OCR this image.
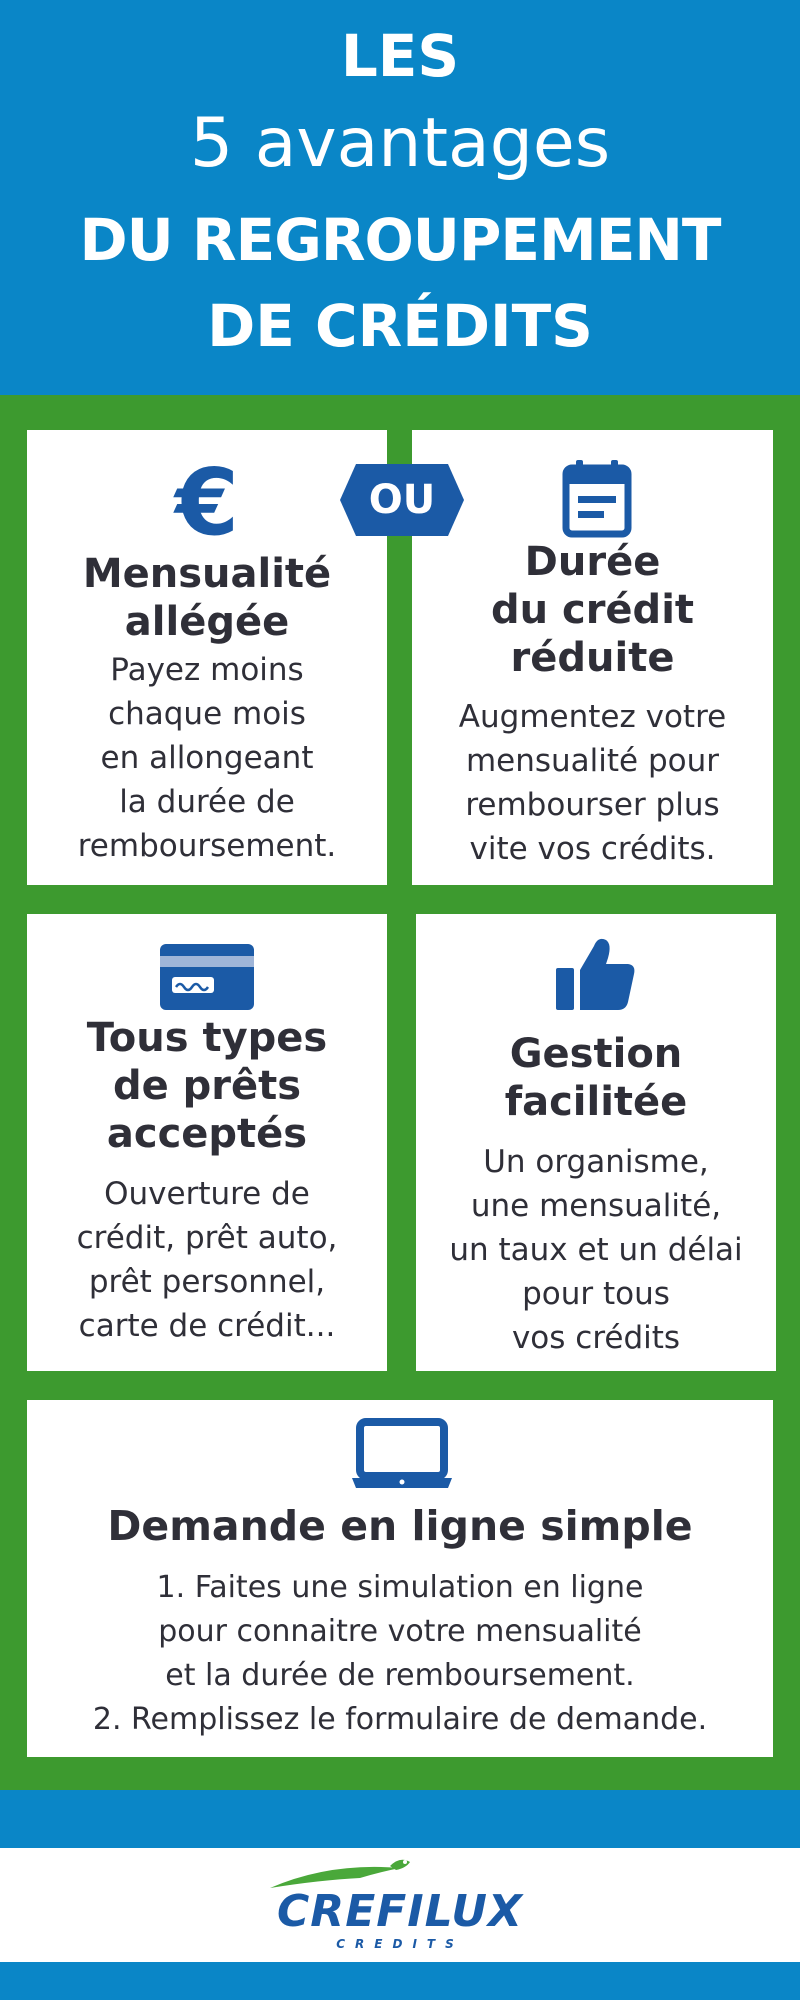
LES
5 avantages
DU REGROUPEMENT
DE CRÉDITS
€
Mensualité
allégée
Payez moins
chaque mois
en allongeant
la durée de
remboursement.
Durée
du crédit
réduite
Augmentez votre
mensualité pour
rembourser plus
vite vos crédits.
OU
Tous types
de prêts
acceptés
Ouverture de
crédit, prêt auto,
prêt personnel,
carte de crédit...
Gestion
facilitée
Un organisme,
une mensualité,
un taux et un délai
pour tous
vos crédits
Demande en ligne simple
1. Faites une simulation en ligne
pour connaitre votre mensualité
et la durée de remboursement.
2. Remplissez le formulaire de demande.
CREFILUX
CREDITS
